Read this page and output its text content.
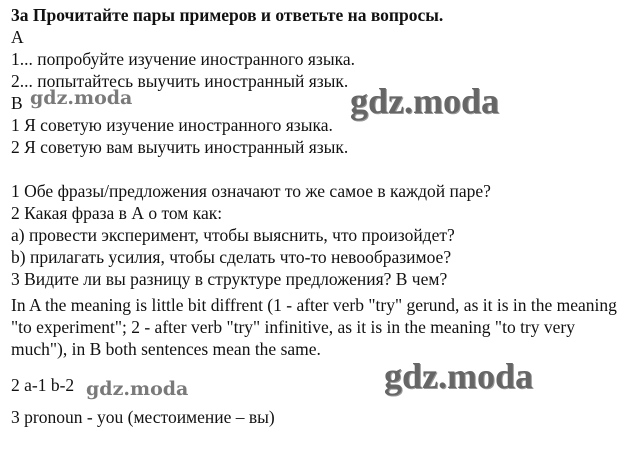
3a Прочитайте пары примеров и ответьте на вопросы.
A
1... попробуйте изучение иностранного языка.
2... попытайтесь выучить иностранный язык.
B
1 Я советую изучение иностранного языка.
2 Я советую вам выучить иностранный язык.
1 Обе фразы/предложения означают то же самое в каждой паре?
2 Какая фраза в А о том как:
a) провести эксперимент, чтобы выяснить, что произойдет?
b) прилагать усилия, чтобы сделать что-то невообразимое?
3 Видите ли вы разницу в структуре предложения? В чем?
In A the meaning is little bit diffrent (1 - after verb "try" gerund, as it is in the meaning "to experiment"; 2 - after verb "try" infinitive, as it is in the meaning "to try very much"), in B both sentences mean the same.
2 a-1 b-2
3 pronoun - you (местоимение – вы)
gdz.moda	gdz.moda
gdz.moda	gdz.moda
